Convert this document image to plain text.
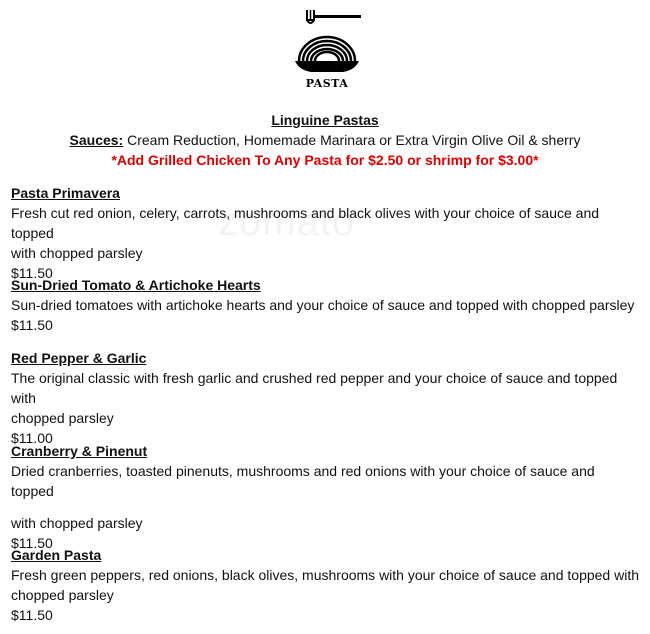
PASTA
Linguine Pastas
Sauces: Cream Reduction, Homemade Marinara or Extra Virgin Olive Oil & sherry
*Add Grilled Chicken To Any Pasta for $2.50 or shrimp for $3.00*
Pasta Primavera
Fresh cut red onion, celery, carrots, mushrooms and black olives with your choice of sauce and topped
with chopped parsley
$11.50
Sun-Dried Tomato & Artichoke Hearts
Sun-dried tomatoes with artichoke hearts and your choice of sauce and topped with chopped parsley
$11.50
Red Pepper & Garlic
The original classic with fresh garlic and crushed red pepper and your choice of sauce and topped with
chopped parsley
$11.00
Cranberry & Pinenut
Dried cranberries, toasted pinenuts, mushrooms and red onions with your choice of sauce and topped
with chopped parsley
$11.50
Garden Pasta
Fresh green peppers, red onions, black olives, mushrooms with your choice of sauce and topped with
chopped parsley
$11.50
